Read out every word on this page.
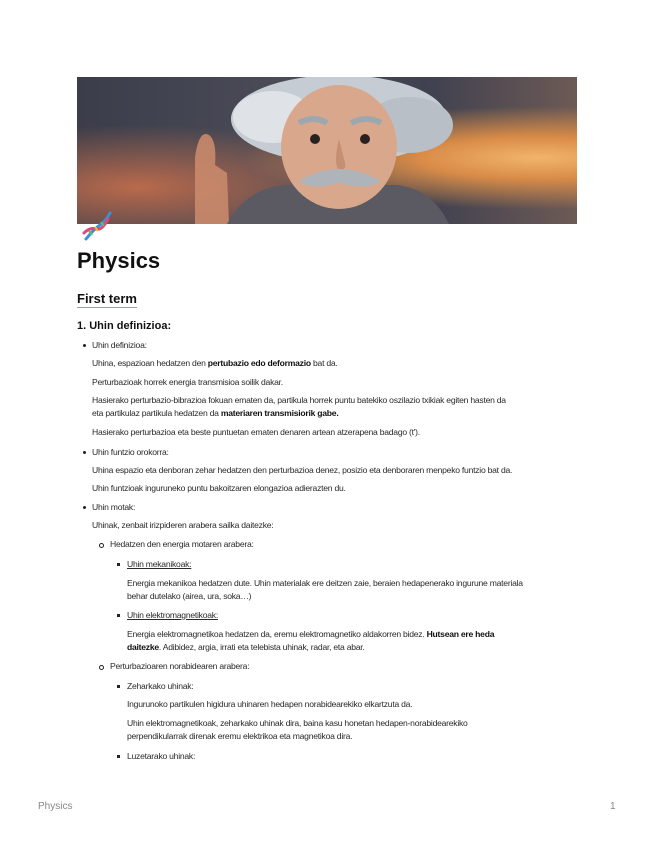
Physics
First term
1. Uhin definizioa:
Uhin definizioa:
Uhina, espazioan hedatzen den pertubazio edo deformazio bat da.
Perturbazioak horrek energia transmisioa soilik dakar.
Hasierako perturbazio-bibrazioa fokuan ematen da, partikula horrek puntu batekiko oszilazio txikiak egiten hasten da
eta partikulaz partikula hedatzen da materiaren transmisiorik gabe.
Hasierako perturbazioa eta beste puntuetan ematen denaren artean atzerapena badago (t').
Uhin funtzio orokorra:
Uhina espazio eta denboran zehar hedatzen den perturbazioa denez, posizio eta denboraren menpeko funtzio bat da.
Uhin funtzioak inguruneko puntu bakoitzaren elongazioa adierazten du.
Uhin motak:
Uhinak, zenbait irizpideren arabera sailka daitezke:
Hedatzen den energia motaren arabera:
Uhin mekanikoak:
Energia mekanikoa hedatzen dute. Uhin materialak ere deitzen zaie, beraien hedapenerako ingurune materiala
behar dutelako (airea, ura, soka…)
Uhin elektromagnetikoak:
Energia elektromagnetikoa hedatzen da, eremu elektromagnetiko aldakorren bidez. Hutsean ere heda
daitezke. Adibidez, argia, irrati eta telebista uhinak, radar, eta abar.
Perturbazioaren norabidearen arabera:
Zeharkako uhinak:
Ingurunoko partikulen higidura uhinaren hedapen norabidearekiko elkartzuta da.
Uhin elektromagnetikoak, zeharkako uhinak dira, baina kasu honetan hedapen-norabidearekiko
perpendikularrak direnak eremu elektrikoa eta magnetikoa dira.
Luzetarako uhinak:
Physics	1
